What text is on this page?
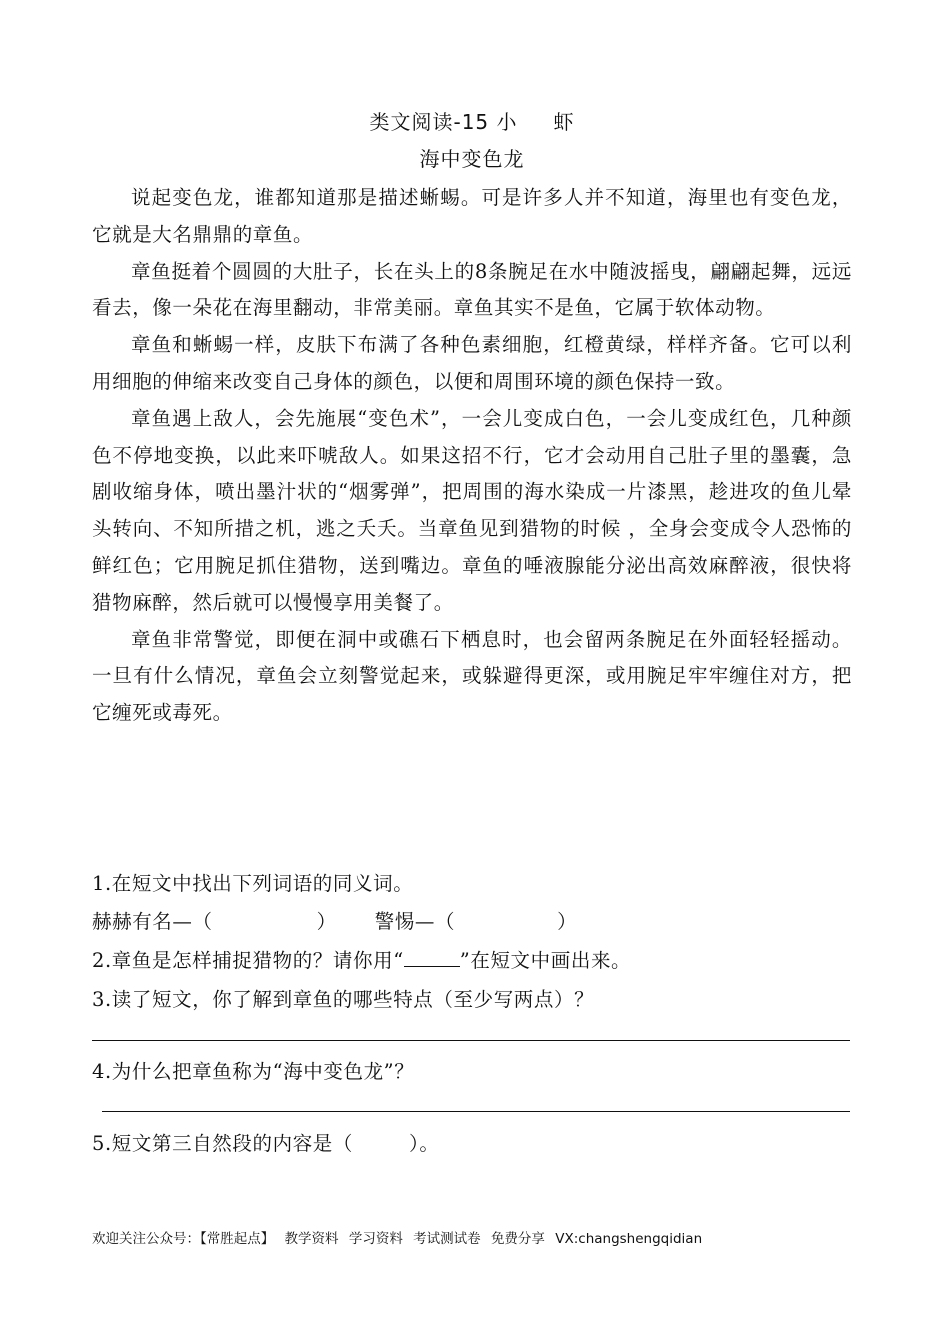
类文阅读-15 小 虾
海中变色龙

说起变色龙，谁都知道那是描述蜥蜴。可是许多人并不知道，海里也有变色龙，它就是大名鼎鼎的章鱼。

章鱼挺着个圆圆的大肚子，长在头上的8条腕足在水中随波摇曳，翩翩起舞，远远看去，像一朵花在海里翻动，非常美丽。章鱼其实不是鱼，它属于软体动物。

章鱼和蜥蜴一样，皮肤下布满了各种色素细胞，红橙黄绿，样样齐备。它可以利用细胞的伸缩来改变自己身体的颜色，以便和周围环境的颜色保持一致。

章鱼遇上敌人，会先施展“变色术”，一会儿变成白色，一会儿变成红色，几种颜色不停地变换，以此来吓唬敌人。如果这招不行，它才会动用自己肚子里的墨囊，急剧收缩身体，喷出墨汁状的“烟雾弹”，把周围的海水染成一片漆黑，趁进攻的鱼儿晕头转向、不知所措之机，逃之夭夭。当章鱼见到猎物的时候 ，全身会变成令人恐怖的鲜红色；它用腕足抓住猎物，送到嘴边。章鱼的唾液腺能分泌出高效麻醉液，很快将猎物麻醉，然后就可以慢慢享用美餐了。

章鱼非常警觉，即便在洞中或礁石下栖息时，也会留两条腕足在外面轻轻摇动。一旦有什么情况，章鱼会立刻警觉起来，或躲避得更深，或用腕足牢牢缠住对方，把它缠死或毒死。

1.在短文中找出下列词语的同义词。
赫赫有名—（	） 警惕—（	）
2.章鱼是怎样捕捉猎物的？请你用“	”在短文中画出来。
3.读了短文，你了解到章鱼的哪些特点（至少写两点）？
4.为什么把章鱼称为“海中变色龙”？
5.短文第三自然段的内容是（	）。
欢迎关注公众号：【常胜起点】 教学资料 学习资料 考试测试卷 免费分享 VX:changshengqidian
